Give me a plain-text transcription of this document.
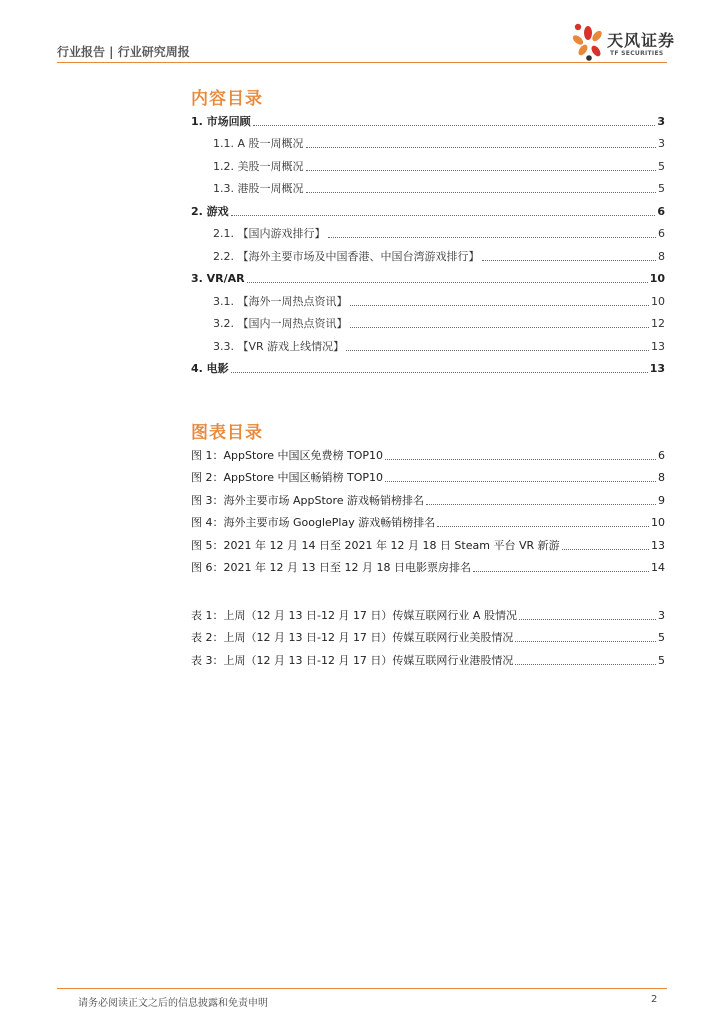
行业报告 | 行业研究周报
天风证券
TF SECURITIES
内容目录
1. 市场回顾	3
1.1. A 股一周概况	3
1.2. 美股一周概况	5
1.3. 港股一周概况	5
2. 游戏	6
2.1. 【国内游戏排行】	6
2.2. 【海外主要市场及中国香港、中国台湾游戏排行】	8
3. VR/AR	10
3.1. 【海外一周热点资讯】	10
3.2. 【国内一周热点资讯】	12
3.3. 【VR 游戏上线情况】	13
4. 电影	13
图表目录
图 1：AppStore 中国区免费榜 TOP10	6
图 2：AppStore 中国区畅销榜 TOP10	8
图 3：海外主要市场 AppStore 游戏畅销榜排名	9
图 4：海外主要市场 GooglePlay 游戏畅销榜排名	10
图 5：2021 年 12 月 14 日至 2021 年 12 月 18 日 Steam 平台 VR 新游	13
图 6：2021 年 12 月 13 日至 12 月 18 日电影票房排名	14
表 1：上周（12 月 13 日-12 月 17 日）传媒互联网行业 A 股情况	3
表 2：上周（12 月 13 日-12 月 17 日）传媒互联网行业美股情况	5
表 3：上周（12 月 13 日-12 月 17 日）传媒互联网行业港股情况	5
请务必阅读正文之后的信息披露和免责申明	2
